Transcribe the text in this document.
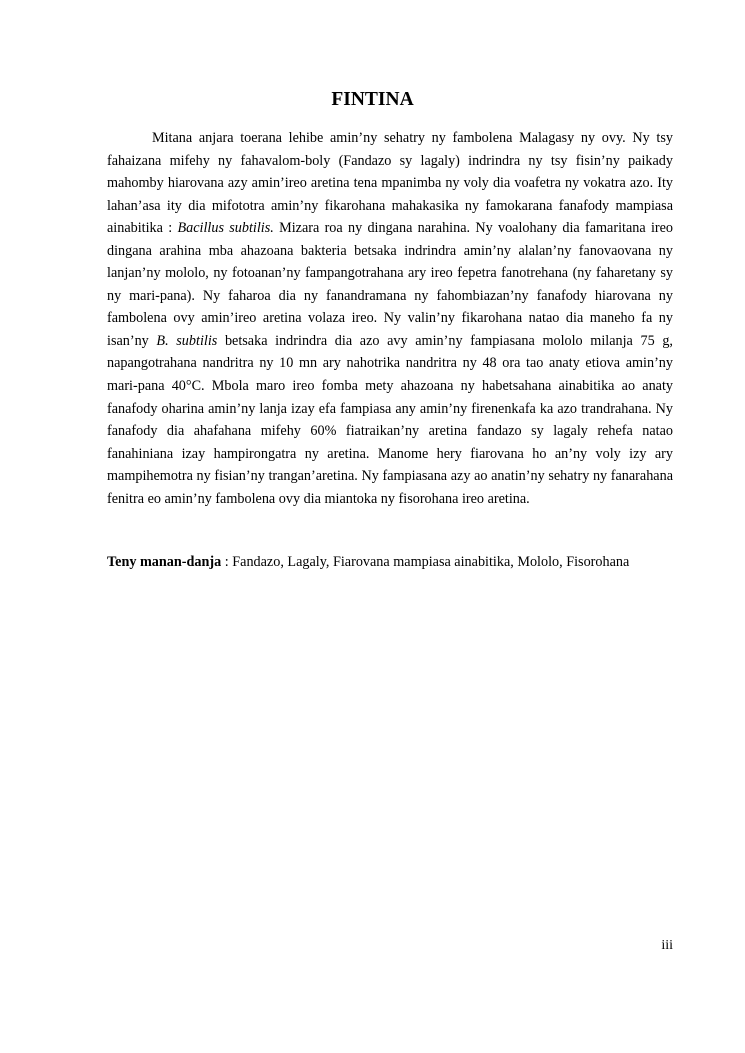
FINTINA

Mitana anjara toerana lehibe amin’ny sehatry ny fambolena Malagasy ny ovy. Ny tsy fahaizana mifehy ny fahavalom-boly (Fandazo sy lagaly) indrindra ny tsy fisin’ny paikady mahomby hiarovana azy amin’ireo aretina tena mpanimba ny voly dia voafetra ny vokatra azo. Ity lahan’asa ity dia mifototra amin’ny fikarohana mahakasika ny famokarana fanafody mampiasa ainabitika : Bacillus subtilis. Mizara roa ny dingana narahina. Ny voalohany dia famaritana ireo dingana arahina mba ahazoana bakteria betsaka indrindra amin’ny alalan’ny fanovaovana ny lanjan’ny mololo, ny fotoanan’ny fampangotrahana ary ireo fepetra fanotrehana (ny faharetany sy ny mari-pana). Ny faharoa dia ny fanandramana ny fahombiazan’ny fanafody hiarovana ny fambolena ovy amin’ireo aretina volaza ireo. Ny valin’ny fikarohana natao dia maneho fa ny isan’ny B. subtilis betsaka indrindra dia azo avy amin’ny fampiasana mololo milanja 75 g, napangotrahana nandritra ny 10 mn ary nahotrika nandritra ny 48 ora tao anaty etiova amin’ny mari-pana 40°C. Mbola maro ireo fomba mety ahazoana ny habetsahana ainabitika ao anaty fanafody oharina amin’ny lanja izay efa fampiasa any amin’ny firenenkafa ka azo trandrahana. Ny fanafody dia ahafahana mifehy 60% fiatraikan’ny aretina fandazo sy lagaly rehefa natao fanahiniana izay hampirongatra ny aretina. Manome hery fiarovana ho an’ny voly izy ary mampihemotra ny fisian’ny trangan’aretina. Ny fampiasana azy ao anatin’ny sehatry ny fanarahana fenitra eo amin’ny fambolena ovy dia miantoka ny fisorohana ireo aretina.

Teny manan-danja : Fandazo, Lagaly, Fiarovana mampiasa ainabitika, Mololo, Fisorohana

iii
